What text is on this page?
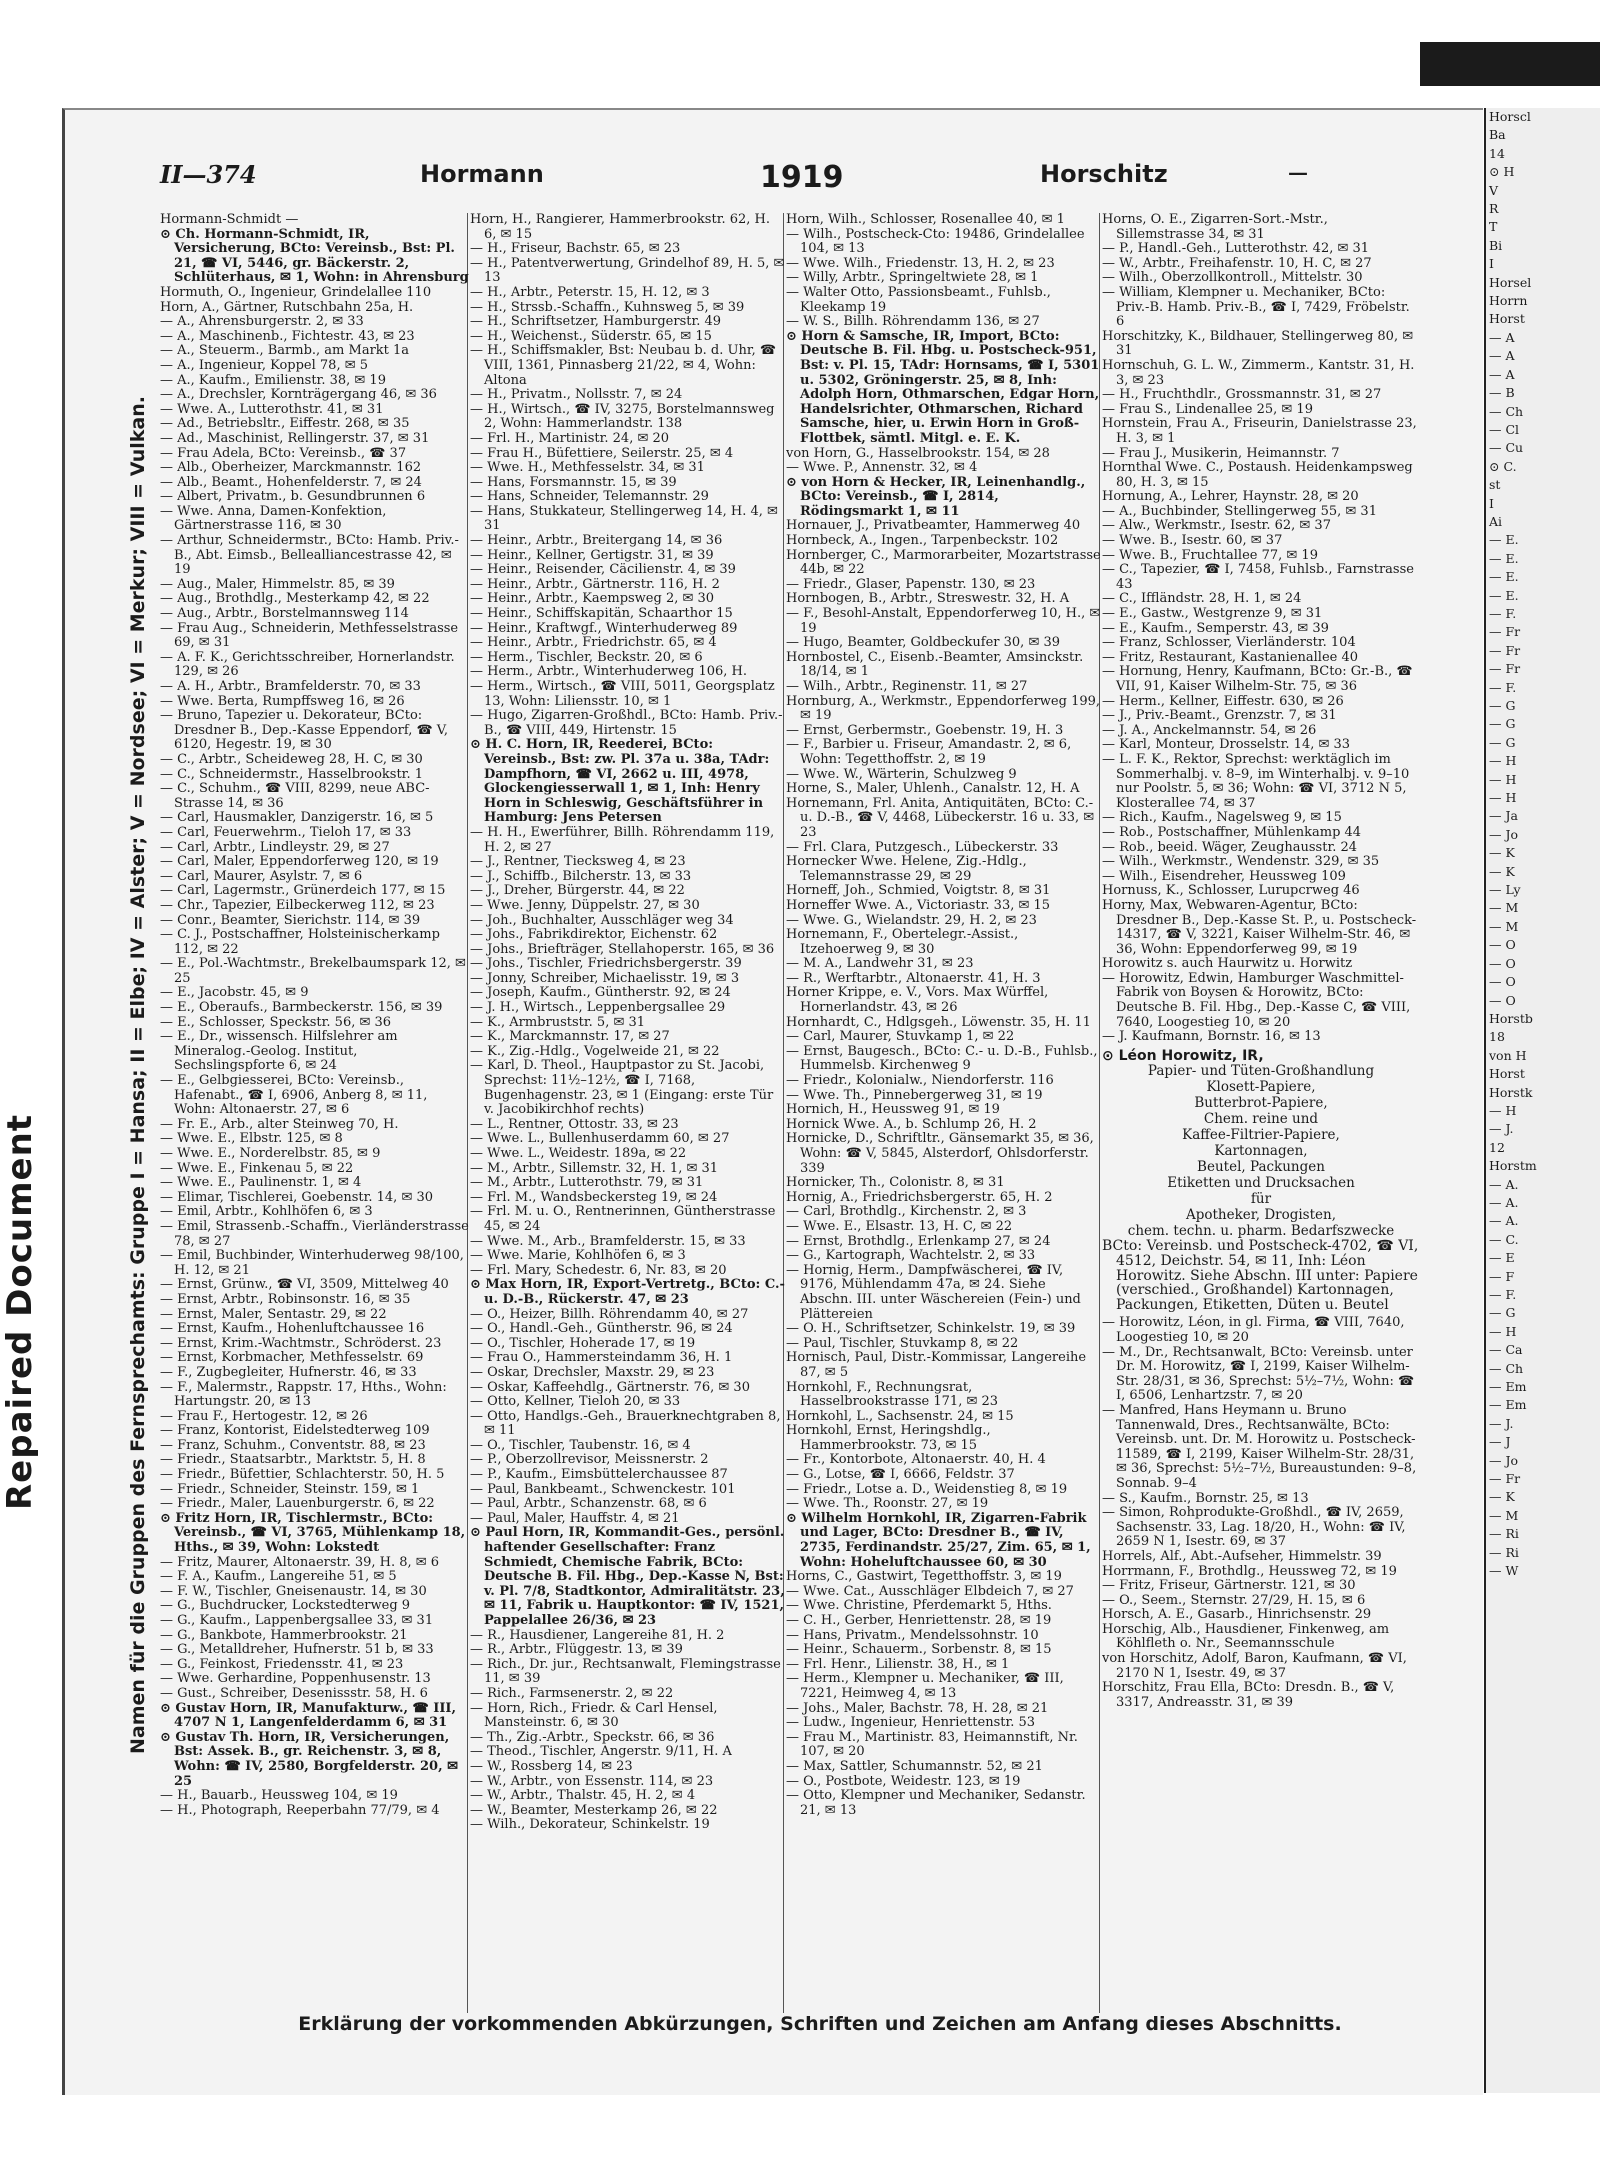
Repaired Document
Horscl
Ba
14
⊙ H
V
R
T
Bi
I
Horsel
Horrn
Horst
— A
— A
— A
— B
— Ch
— Cl
— Cu
⊙ C.
st
I
Ai
— E.
— E.
— E.
— E.
— F.
— Fr
— Fr
— Fr
— F.
— G
— G
— G
— H
— H
— H
— Ja
— Jo
— K
— K
— Ly
— M
— M
— O
— O
— O
— O
Horstb
18
von H
Horst
Horstk
— H
— J.
12
Horstm
— A.
— A.
— A.
— C.
— E
— F
— F.
— G
— H
— Ca
— Ch
— Em
— Em
— J.
— J
— Jo
— Fr
— K
— M
— Ri
— Ri
— W
II—374	Hormann	1919	Horschitz	—
Namen für die Gruppen des Fernsprechamts: Gruppe I = Hansa; II = Elbe; IV = Alster; V = Nordsee; VI = Merkur; VIII = Vulkan.

Hormann-Schmidt —

⊙ Ch. Hormann-Schmidt, IR, Versicherung, BCto: Vereinsb., Bst: Pl. 21, ☎ VI, 5446, gr. Bäckerstr. 2, Schlüterhaus, ✉ 1, Wohn: in Ahrensburg

Hormuth, O., Ingenieur, Grindelallee 110

Horn, A., Gärtner, Rutschbahn 25a, H.

— A., Ahrensburgerstr. 2, ✉ 33

— A., Maschinenb., Fichtestr. 43, ✉ 23

— A., Steuerm., Barmb., am Markt 1a

— A., Ingenieur, Koppel 78, ✉ 5

— A., Kaufm., Emilienstr. 38, ✉ 19

— A., Drechsler, Kornträgergang 46, ✉ 36

— Wwe. A., Lutterothstr. 41, ✉ 31

— Ad., Betriebsltr., Eiffestr. 268, ✉ 35

— Ad., Maschinist, Rellingerstr. 37, ✉ 31

— Frau Adela, BCto: Vereinsb., ☎ 37

— Alb., Oberheizer, Marckmannstr. 162

— Alb., Beamt., Hohenfelderstr. 7, ✉ 24

— Albert, Privatm., b. Gesundbrunnen 6

— Wwe. Anna, Damen-Konfektion, Gärtnerstrasse 116, ✉ 30

— Arthur, Schneidermstr., BCto: Hamb. Priv.-B., Abt. Eimsb., Bellealliancestrasse 42, ✉ 19

— Aug., Maler, Himmelstr. 85, ✉ 39

— Aug., Brothdlg., Mesterkamp 42, ✉ 22

— Aug., Arbtr., Borstelmannsweg 114

— Frau Aug., Schneiderin, Methfesselstrasse 69, ✉ 31

— A. F. K., Gerichtsschreiber, Hornerlandstr. 129, ✉ 26

— A. H., Arbtr., Bramfelderstr. 70, ✉ 33

— Wwe. Berta, Rumpffsweg 16, ✉ 26

— Bruno, Tapezier u. Dekorateur, BCto: Dresdner B., Dep.-Kasse Eppendorf, ☎ V, 6120, Hegestr. 19, ✉ 30

— C., Arbtr., Scheideweg 28, H. C, ✉ 30

— C., Schneidermstr., Hasselbrookstr. 1

— C., Schuhm., ☎ VIII, 8299, neue ABC-Strasse 14, ✉ 36

— Carl, Hausmakler, Danzigerstr. 16, ✉ 5

— Carl, Feuerwehrm., Tieloh 17, ✉ 33

— Carl, Arbtr., Lindleystr. 29, ✉ 27

— Carl, Maler, Eppendorferweg 120, ✉ 19

— Carl, Maurer, Asylstr. 7, ✉ 6

— Carl, Lagermstr., Grünerdeich 177, ✉ 15

— Chr., Tapezier, Eilbeckerweg 112, ✉ 23

— Conr., Beamter, Sierichstr. 114, ✉ 39

— C. J., Postschaffner, Holsteinischerkamp 112, ✉ 22

— E., Pol.-Wachtmstr., Brekelbaumspark 12, ✉ 25

— E., Jacobstr. 45, ✉ 9

— E., Oberaufs., Barmbeckerstr. 156, ✉ 39

— E., Schlosser, Speckstr. 56, ✉ 36

— E., Dr., wissensch. Hilfslehrer am Mineralog.-Geolog. Institut, Sechslingspforte 6, ✉ 24

— E., Gelbgiesserei, BCto: Vereinsb., Hafenabt., ☎ I, 6906, Anberg 8, ✉ 11, Wohn: Altonaerstr. 27, ✉ 6

— Fr. E., Arb., alter Steinweg 70, H.

— Wwe. E., Elbstr. 125, ✉ 8

— Wwe. E., Norderelbstr. 85, ✉ 9

— Wwe. E., Finkenau 5, ✉ 22

— Wwe. E., Paulinenstr. 1, ✉ 4

— Elimar, Tischlerei, Goebenstr. 14, ✉ 30

— Emil, Arbtr., Kohlhöfen 6, ✉ 3

— Emil, Strassenb.-Schaffn., Vierländerstrasse 78, ✉ 27

— Emil, Buchbinder, Winterhuderweg 98/100, H. 12, ✉ 21

— Ernst, Grünw., ☎ VI, 3509, Mittelweg 40

— Ernst, Arbtr., Robinsonstr. 16, ✉ 35

— Ernst, Maler, Sentastr. 29, ✉ 22

— Ernst, Kaufm., Hohenluftchaussee 16

— Ernst, Krim.-Wachtmstr., Schröderst. 23

— Ernst, Korbmacher, Methfesselstr. 69

— F., Zugbegleiter, Hufnerstr. 46, ✉ 33

— F., Malermstr., Rappstr. 17, Hths., Wohn: Hartungstr. 20, ✉ 13

— Frau F., Hertogestr. 12, ✉ 26

— Franz, Kontorist, Eidelstedterweg 109

— Franz, Schuhm., Conventstr. 88, ✉ 23

— Friedr., Staatsarbtr., Marktstr. 5, H. 8

— Friedr., Büfettier, Schlachterstr. 50, H. 5

— Friedr., Schneider, Steinstr. 159, ✉ 1

— Friedr., Maler, Lauenburgerstr. 6, ✉ 22

⊙ Fritz Horn, IR, Tischlermstr., BCto: Vereinsb., ☎ VI, 3765, Mühlenkamp 18, Hths., ✉ 39, Wohn: Lokstedt

— Fritz, Maurer, Altonaerstr. 39, H. 8, ✉ 6

— F. A., Kaufm., Langereihe 51, ✉ 5

— F. W., Tischler, Gneisenaustr. 14, ✉ 30

— G., Buchdrucker, Lockstedterweg 9

— G., Kaufm., Lappenbergsallee 33, ✉ 31

— G., Bankbote, Hammerbrookstr. 21

— G., Metalldreher, Hufnerstr. 51 b, ✉ 33

— G., Feinkost, Friedensstr. 41, ✉ 23

— Wwe. Gerhardine, Poppenhusenstr. 13

— Gust., Schreiber, Desenissstr. 58, H. 6

⊙ Gustav Horn, IR, Manufakturw., ☎ III, 4707 N 1, Langenfelderdamm 6, ✉ 31

⊙ Gustav Th. Horn, IR, Versicherungen, Bst: Assek. B., gr. Reichenstr. 3, ✉ 8, Wohn: ☎ IV, 2580, Borgfelderstr. 20, ✉ 25

— H., Bauarb., Heussweg 104, ✉ 19

— H., Photograph, Reeperbahn 77/79, ✉ 4

Horn, H., Rangierer, Hammerbrookstr. 62, H. 6, ✉ 15

— H., Friseur, Bachstr. 65, ✉ 23

— H., Patentverwertung, Grindelhof 89, H. 5, ✉ 13

— H., Arbtr., Peterstr. 15, H. 12, ✉ 3

— H., Strssb.-Schaffn., Kuhnsweg 5, ✉ 39

— H., Schriftsetzer, Hamburgerstr. 49

— H., Weichenst., Süderstr. 65, ✉ 15

— H., Schiffsmakler, Bst: Neubau b. d. Uhr, ☎ VIII, 1361, Pinnasberg 21/22, ✉ 4, Wohn: Altona

— H., Privatm., Nollsstr. 7, ✉ 24

— H., Wirtsch., ☎ IV, 3275, Borstelmannsweg 2, Wohn: Hammerlandstr. 138

— Frl. H., Martinistr. 24, ✉ 20

— Frau H., Büfettiere, Seilerstr. 25, ✉ 4

— Wwe. H., Methfesselstr. 34, ✉ 31

— Hans, Forsmannstr. 15, ✉ 39

— Hans, Schneider, Telemannstr. 29

— Hans, Stukkateur, Stellingerweg 14, H. 4, ✉ 31

— Heinr., Arbtr., Breitergang 14, ✉ 36

— Heinr., Kellner, Gertigstr. 31, ✉ 39

— Heinr., Reisender, Cäcilienstr. 4, ✉ 39

— Heinr., Arbtr., Gärtnerstr. 116, H. 2

— Heinr., Arbtr., Kaempsweg 2, ✉ 30

— Heinr., Schiffskapitän, Schaarthor 15

— Heinr., Kraftwgf., Winterhuderweg 89

— Heinr., Arbtr., Friedrichstr. 65, ✉ 4

— Herm., Tischler, Beckstr. 20, ✉ 6

— Herm., Arbtr., Winterhuderweg 106, H.

— Herm., Wirtsch., ☎ VIII, 5011, Georgsplatz 13, Wohn: Liliensstr. 10, ✉ 1

— Hugo, Zigarren-Großhdl., BCto: Hamb. Priv.-B., ☎ VIII, 449, Hirtenstr. 15

⊙ H. C. Horn, IR, Reederei, BCto: Vereinsb., Bst: zw. Pl. 37a u. 38a, TAdr: Dampfhorn, ☎ VI, 2662 u. III, 4978, Glockengiesserwall 1, ✉ 1, Inh: Henry Horn in Schleswig, Geschäftsführer in Hamburg: Jens Petersen

— H. H., Ewerführer, Billh. Röhrendamm 119, H. 2, ✉ 27

— J., Rentner, Tiecksweg 4, ✉ 23

— J., Schiffb., Bilcherstr. 13, ✉ 33

— J., Dreher, Bürgerstr. 44, ✉ 22

— Wwe. Jenny, Düppelstr. 27, ✉ 30

— Joh., Buchhalter, Ausschläger weg 34

— Johs., Fabrikdirektor, Eichenstr. 62

— Johs., Briefträger, Stellahoperstr. 165, ✉ 36

— Johs., Tischler, Friedrichsbergerstr. 39

— Jonny, Schreiber, Michaelisstr. 19, ✉ 3

— Joseph, Kaufm., Güntherstr. 92, ✉ 24

— J. H., Wirtsch., Leppenbergsallee 29

— K., Armbruststr. 5, ✉ 31

— K., Marckmannstr. 17, ✉ 27

— K., Zig.-Hdlg., Vogelweide 21, ✉ 22

— Karl, D. Theol., Hauptpastor zu St. Jacobi, Sprechst: 11½–12½, ☎ I, 7168, Bugenhagenstr. 23, ✉ 1 (Eingang: erste Tür v. Jacobikirchhof rechts)

— L., Rentner, Ottostr. 33, ✉ 23

— Wwe. L., Bullenhuserdamm 60, ✉ 27

— Wwe. L., Weidestr. 189a, ✉ 22

— M., Arbtr., Sillemstr. 32, H. 1, ✉ 31

— M., Arbtr., Lutterothstr. 79, ✉ 31

— Frl. M., Wandsbeckersteg 19, ✉ 24

— Frl. M. u. O., Rentnerinnen, Güntherstrasse 45, ✉ 24

— Wwe. M., Arb., Bramfelderstr. 15, ✉ 33

— Wwe. Marie, Kohlhöfen 6, ✉ 3

— Frl. Mary, Schedestr. 6, Nr. 83, ✉ 20

⊙ Max Horn, IR, Export-Vertretg., BCto: C.- u. D.-B., Rückerstr. 47, ✉ 23

— O., Heizer, Billh. Röhrendamm 40, ✉ 27

— O., Handl.-Geh., Güntherstr. 96, ✉ 24

— O., Tischler, Hoherade 17, ✉ 19

— Frau O., Hammersteindamm 36, H. 1

— Oskar, Drechsler, Maxstr. 29, ✉ 23

— Oskar, Kaffeehdlg., Gärtnerstr. 76, ✉ 30

— Otto, Kellner, Tieloh 20, ✉ 33

— Otto, Handlgs.-Geh., Brauerknechtgraben 8, ✉ 11

— O., Tischler, Taubenstr. 16, ✉ 4

— P., Oberzollrevisor, Meissnerstr. 2

— P., Kaufm., Eimsbüttelerchaussee 87

— Paul, Bankbeamt., Schwenckestr. 101

— Paul, Arbtr., Schanzenstr. 68, ✉ 6

— Paul, Maler, Hauffstr. 4, ✉ 21

⊙ Paul Horn, IR, Kommandit-Ges., persönl. haftender Gesellschafter: Franz Schmiedt, Chemische Fabrik, BCto: Deutsche B. Fil. Hbg., Dep.-Kasse N, Bst: v. Pl. 7/8, Stadtkontor, Admiralitätstr. 23, ✉ 11, Fabrik u. Hauptkontor: ☎ IV, 1521, Pappelallee 26/36, ✉ 23

— R., Hausdiener, Langereihe 81, H. 2

— R., Arbtr., Flüggestr. 13, ✉ 39

— Rich., Dr. jur., Rechtsanwalt, Flemingstrasse 11, ✉ 39

— Rich., Farmsenerstr. 2, ✉ 22

— Horn, Rich., Friedr. & Carl Hensel, Mansteinstr. 6, ✉ 30

— Th., Zig.-Arbtr., Speckstr. 66, ✉ 36

— Theod., Tischler, Angerstr. 9/11, H. A

— W., Rossberg 14, ✉ 23

— W., Arbtr., von Essenstr. 114, ✉ 23

— W., Arbtr., Thalstr. 45, H. 2, ✉ 4

— W., Beamter, Mesterkamp 26, ✉ 22

— Wilh., Dekorateur, Schinkelstr. 19

Horn, Wilh., Schlosser, Rosenallee 40, ✉ 1

— Wilh., Postscheck-Cto: 19486, Grindelallee 104, ✉ 13

— Wwe. Wilh., Friedenstr. 13, H. 2, ✉ 23

— Willy, Arbtr., Springeltwiete 28, ✉ 1

— Walter Otto, Passionsbeamt., Fuhlsb., Kleekamp 19

— W. S., Billh. Röhrendamm 136, ✉ 27

⊙ Horn & Samsche, IR, Import, BCto: Deutsche B. Fil. Hbg. u. Postscheck-951, Bst: v. Pl. 15, TAdr: Hornsams, ☎ I, 5301 u. 5302, Gröningerstr. 25, ✉ 8, Inh: Adolph Horn, Othmarschen, Edgar Horn, Handelsrichter, Othmarschen, Richard Samsche, hier, u. Erwin Horn in Groß-Flottbek, sämtl. Mitgl. e. E. K.

von Horn, G., Hasselbrookstr. 154, ✉ 28

— Wwe. P., Annenstr. 32, ✉ 4

⊙ von Horn & Hecker, IR, Leinenhandlg., BCto: Vereinsb., ☎ I, 2814, Rödingsmarkt 1, ✉ 11

Hornauer, J., Privatbeamter, Hammerweg 40

Hornbeck, A., Ingen., Tarpenbeckstr. 102

Hornberger, C., Marmorarbeiter, Mozartstrasse 44b, ✉ 22

— Friedr., Glaser, Papenstr. 130, ✉ 23

Hornbogen, B., Arbtr., Streswestr. 32, H. A

— F., Besohl-Anstalt, Eppendorferweg 10, H., ✉ 19

— Hugo, Beamter, Goldbeckufer 30, ✉ 39

Hornbostel, C., Eisenb.-Beamter, Amsinckstr. 18/14, ✉ 1

— Wilh., Arbtr., Reginenstr. 11, ✉ 27

Hornburg, A., Werkmstr., Eppendorferweg 199, ✉ 19

— Ernst, Gerbermstr., Goebenstr. 19, H. 3

— F., Barbier u. Friseur, Amandastr. 2, ✉ 6, Wohn: Tegetthoffstr. 2, ✉ 19

— Wwe. W., Wärterin, Schulzweg 9

Horne, S., Maler, Uhlenh., Canalstr. 12, H. A

Hornemann, Frl. Anita, Antiquitäten, BCto: C.- u. D.-B., ☎ V, 4468, Lübeckerstr. 16 u. 33, ✉ 23

— Frl. Clara, Putzgesch., Lübeckerstr. 33

Hornecker Wwe. Helene, Zig.-Hdlg., Telemannstrasse 29, ✉ 29

Horneff, Joh., Schmied, Voigtstr. 8, ✉ 31

Horneffer Wwe. A., Victoriastr. 33, ✉ 15

— Wwe. G., Wielandstr. 29, H. 2, ✉ 23

Hornemann, F., Obertelegr.-Assist., Itzehoerweg 9, ✉ 30

— M. A., Landwehr 31, ✉ 23

— R., Werftarbtr., Altonaerstr. 41, H. 3

Horner Krippe, e. V., Vors. Max Würffel, Hornerlandstr. 43, ✉ 26

Hornhardt, C., Hdlgsgeh., Löwenstr. 35, H. 11

— Carl, Maurer, Stuvkamp 1, ✉ 22

— Ernst, Baugesch., BCto: C.- u. D.-B., Fuhlsb., Hummelsb. Kirchenweg 9

— Friedr., Kolonialw., Niendorferstr. 116

— Wwe. Th., Pinnebergerweg 31, ✉ 19

Hornich, H., Heussweg 91, ✉ 19

Hornick Wwe. A., b. Schlump 26, H. 2

Hornicke, D., Schriftltr., Gänsemarkt 35, ✉ 36, Wohn: ☎ V, 5845, Alsterdorf, Ohlsdorferstr. 339

Hornicker, Th., Colonistr. 8, ✉ 31

Hornig, A., Friedrichsbergerstr. 65, H. 2

— Carl, Brothdlg., Kirchenstr. 2, ✉ 3

— Wwe. E., Elsastr. 13, H. C, ✉ 22

— Ernst, Brothdlg., Erlenkamp 27, ✉ 24

— G., Kartograph, Wachtelstr. 2, ✉ 33

— Hornig, Herm., Dampfwäscherei, ☎ IV, 9176, Mühlendamm 47a, ✉ 24. Siehe Abschn. III. unter Wäschereien (Fein-) und Plättereien

— O. H., Schriftsetzer, Schinkelstr. 19, ✉ 39

— Paul, Tischler, Stuvkamp 8, ✉ 22

Hornisch, Paul, Distr.-Kommissar, Langereihe 87, ✉ 5

Hornkohl, F., Rechnungsrat, Hasselbrookstrasse 171, ✉ 23

Hornkohl, L., Sachsenstr. 24, ✉ 15

Hornkohl, Ernst, Heringshdlg., Hammerbrookstr. 73, ✉ 15

— Fr., Kontorbote, Altonaerstr. 40, H. 4

— G., Lotse, ☎ I, 6666, Feldstr. 37

— Friedr., Lotse a. D., Weidenstieg 8, ✉ 19

— Wwe. Th., Roonstr. 27, ✉ 19

⊙ Wilhelm Hornkohl, IR, Zigarren-Fabrik und Lager, BCto: Dresdner B., ☎ IV, 2735, Ferdinandstr. 25/27, Zim. 65, ✉ 1, Wohn: Hoheluftchaussee 60, ✉ 30

Horns, C., Gastwirt, Tegetthoffstr. 3, ✉ 19

— Wwe. Cat., Ausschläger Elbdeich 7, ✉ 27

— Wwe. Christine, Pferdemarkt 5, Hths.

— C. H., Gerber, Henriettenstr. 28, ✉ 19

— Hans, Privatm., Mendelssohnstr. 10

— Heinr., Schauerm., Sorbenstr. 8, ✉ 15

— Frl. Henr., Lilienstr. 38, H., ✉ 1

— Herm., Klempner u. Mechaniker, ☎ III, 7221, Heimweg 4, ✉ 13

— Johs., Maler, Bachstr. 78, H. 28, ✉ 21

— Ludw., Ingenieur, Henriettenstr. 53

— Frau M., Martinistr. 83, Heimannstift, Nr. 107, ✉ 20

— Max, Sattler, Schumannstr. 52, ✉ 21

— O., Postbote, Weidestr. 123, ✉ 19

— Otto, Klempner und Mechaniker, Sedanstr. 21, ✉ 13

Horns, O. E., Zigarren-Sort.-Mstr., Sillemstrasse 34, ✉ 31

— P., Handl.-Geh., Lutterothstr. 42, ✉ 31

— W., Arbtr., Freihafenstr. 10, H. C, ✉ 27

— Wilh., Oberzollkontroll., Mittelstr. 30

— William, Klempner u. Mechaniker, BCto: Priv.-B. Hamb. Priv.-B., ☎ I, 7429, Fröbelstr. 6

Horschitzky, K., Bildhauer, Stellingerweg 80, ✉ 31

Hornschuh, G. L. W., Zimmerm., Kantstr. 31, H. 3, ✉ 23

— H., Fruchthdlr., Grossmannstr. 31, ✉ 27

— Frau S., Lindenallee 25, ✉ 19

Hornstein, Frau A., Friseurin, Danielstrasse 23, H. 3, ✉ 1

— Frau J., Musikerin, Heimannstr. 7

Hornthal Wwe. C., Postaush. Heidenkampsweg 80, H. 3, ✉ 15

Hornung, A., Lehrer, Haynstr. 28, ✉ 20

— A., Buchbinder, Stellingerweg 55, ✉ 31

— Alw., Werkmstr., Isestr. 62, ✉ 37

— Wwe. B., Isestr. 60, ✉ 37

— Wwe. B., Fruchtallee 77, ✉ 19

— C., Tapezier, ☎ I, 7458, Fuhlsb., Farnstrasse 43

— C., Iffländstr. 28, H. 1, ✉ 24

— E., Gastw., Westgrenze 9, ✉ 31

— E., Kaufm., Semperstr. 43, ✉ 39

— Franz, Schlosser, Vierländerstr. 104

— Fritz, Restaurant, Kastanienallee 40

— Hornung, Henry, Kaufmann, BCto: Gr.-B., ☎ VII, 91, Kaiser Wilhelm-Str. 75, ✉ 36

— Herm., Kellner, Eiffestr. 630, ✉ 26

— J., Priv.-Beamt., Grenzstr. 7, ✉ 31

— J. A., Anckelmannstr. 54, ✉ 26

— Karl, Monteur, Drosselstr. 14, ✉ 33

— L. F. K., Rektor, Sprechst: werktäglich im Sommerhalbj. v. 8–9, im Winterhalbj. v. 9–10 nur Poolstr. 5, ✉ 36; Wohn: ☎ VI, 3712 N 5, Klosterallee 74, ✉ 37

— Rich., Kaufm., Nagelsweg 9, ✉ 15

— Rob., Postschaffner, Mühlenkamp 44

— Rob., beeid. Wäger, Zeughausstr. 24

— Wilh., Werkmstr., Wendenstr. 329, ✉ 35

— Wilh., Eisendreher, Heussweg 109

Hornuss, K., Schlosser, Lurupcrweg 46

Horny, Max, Webwaren-Agentur, BCto: Dresdner B., Dep.-Kasse St. P., u. Postscheck-14317, ☎ V, 3221, Kaiser Wilhelm-Str. 46, ✉ 36, Wohn: Eppendorferweg 99, ✉ 19

Horowitz s. auch Haurwitz u. Horwitz

— Horowitz, Edwin, Hamburger Waschmittel-Fabrik von Boysen & Horowitz, BCto: Deutsche B. Fil. Hbg., Dep.-Kasse C, ☎ VIII, 7640, Loogestieg 10, ✉ 20

— J. Kaufmann, Bornstr. 16, ✉ 13

⊙ Léon Horowitz, IR,
Papier- und Tüten-Großhandlung
Klosett-Papiere,
Butterbrot-Papiere,
Chem. reine und
Kaffee-Filtrier-Papiere,
Kartonnagen,
Beutel, Packungen
Etiketten und Drucksachen
für
Apotheker, Drogisten,
chem. techn. u. pharm. Bedarfszwecke
BCto: Vereinsb. und Postscheck-4702, ☎ VI, 4512, Deichstr. 54, ✉ 11, Inh: Léon Horowitz. Siehe Abschn. III unter: Papiere (verschied., Großhandel) Kartonnagen, Packungen, Etiketten, Düten u. Beutel

— Horowitz, Léon, in gl. Firma, ☎ VIII, 7640, Loogestieg 10, ✉ 20

— M., Dr., Rechtsanwalt, BCto: Vereinsb. unter Dr. M. Horowitz, ☎ I, 2199, Kaiser Wilhelm-Str. 28/31, ✉ 36, Sprechst: 5½–7½, Wohn: ☎ I, 6506, Lenhartzstr. 7, ✉ 20

— Manfred, Hans Heymann u. Bruno Tannenwald, Dres., Rechtsanwälte, BCto: Vereinsb. unt. Dr. M. Horowitz u. Postscheck-11589, ☎ I, 2199, Kaiser Wilhelm-Str. 28/31, ✉ 36, Sprechst: 5½–7½, Bureaustunden: 9–8, Sonnab. 9–4

— S., Kaufm., Bornstr. 25, ✉ 13

— Simon, Rohprodukte-Großhdl., ☎ IV, 2659, Sachsenstr. 33, Lag. 18/20, H., Wohn: ☎ IV, 2659 N 1, Isestr. 69, ✉ 37

Horrels, Alf., Abt.-Aufseher, Himmelstr. 39

Horrmann, F., Brothdlg., Heussweg 72, ✉ 19

— Fritz, Friseur, Gärtnerstr. 121, ✉ 30

— O., Seem., Sternstr. 27/29, H. 15, ✉ 6

Horsch, A. E., Gasarb., Hinrichsenstr. 29

Horschig, Alb., Hausdiener, Finkenweg, am Köhlfleth o. Nr., Seemannsschule

von Horschitz, Adolf, Baron, Kaufmann, ☎ VI, 2170 N 1, Isestr. 49, ✉ 37

Horschitz, Frau Ella, BCto: Dresdn. B., ☎ V, 3317, Andreasstr. 31, ✉ 39

Erklärung der vorkommenden Abkürzungen, Schriften und Zeichen am Anfang dieses Abschnitts.
